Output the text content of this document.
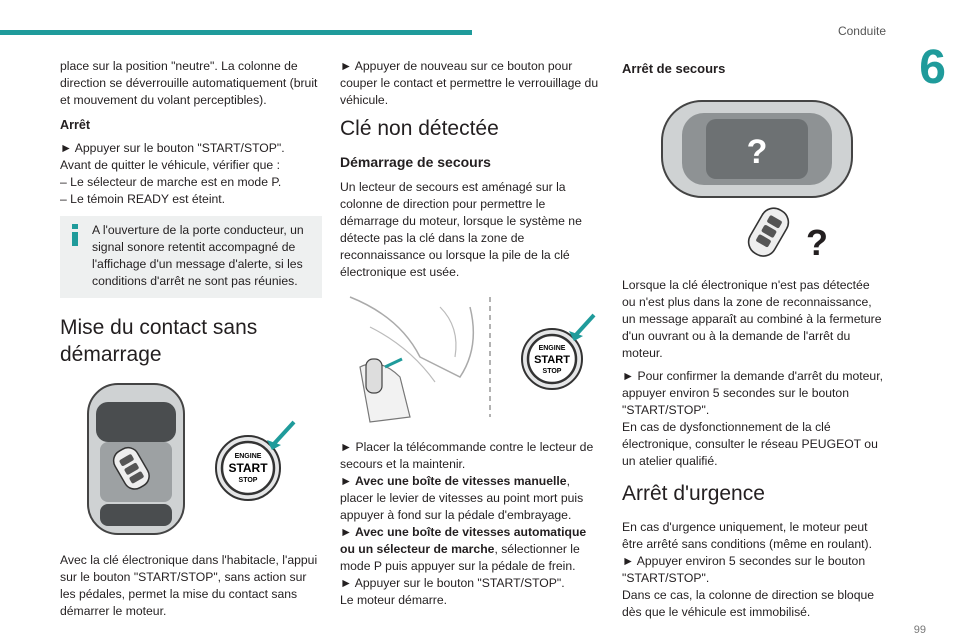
Conduite
6
99

place sur la position "neutre". La colonne de direction se déverrouille automatiquement (bruit et mouvement du volant perceptibles).

Arrêt

► Appuyer sur le bouton "START/STOP".

Avant de quitter le véhicule, vérifier que :

– Le sélecteur de marche est en mode P.

– Le témoin READY est éteint.

A l'ouverture de la porte conducteur, un signal sonore retentit accompagné de l'affichage d'un message d'alerte, si les conditions d'arrêt ne sont pas réunies.

Mise du contact sans démarrage

ENGINE
START
STOP

Avec la clé électronique dans l'habitacle, l'appui sur le bouton "START/STOP", sans action sur les pédales, permet la mise du contact sans démarrer le moteur.

► Appuyer de nouveau sur ce bouton pour couper le contact et permettre le verrouillage du véhicule.

Clé non détectée

Démarrage de secours

Un lecteur de secours est aménagé sur la colonne de direction pour permettre le démarrage du moteur, lorsque le système ne détecte pas la clé dans la zone de reconnaissance ou lorsque la pile de la clé électronique est usée.

ENGINE
START
STOP

► Placer la télécommande contre le lecteur de secours et la maintenir.

► Avec une boîte de vitesses manuelle, placer le levier de vitesses au point mort puis appuyer à fond sur la pédale d'embrayage.

► Avec une boîte de vitesses automatique ou un sélecteur de marche, sélectionner le mode P puis appuyer sur la pédale de frein.

► Appuyer sur le bouton "START/STOP".

Le moteur démarre.

Arrêt de secours

?
?

Lorsque la clé électronique n'est pas détectée ou n'est plus dans la zone de reconnaissance, un message apparaît au combiné à la fermeture d'un ouvrant ou à la demande de l'arrêt du moteur.

► Pour confirmer la demande d'arrêt du moteur, appuyer environ 5 secondes sur le bouton "START/STOP".

En cas de dysfonctionnement de la clé électronique, consulter le réseau PEUGEOT ou un atelier qualifié.

Arrêt d'urgence

En cas d'urgence uniquement, le moteur peut être arrêté sans conditions (même en roulant).

► Appuyer environ 5 secondes sur le bouton "START/STOP".

Dans ce cas, la colonne de direction se bloque dès que le véhicule est immobilisé.
